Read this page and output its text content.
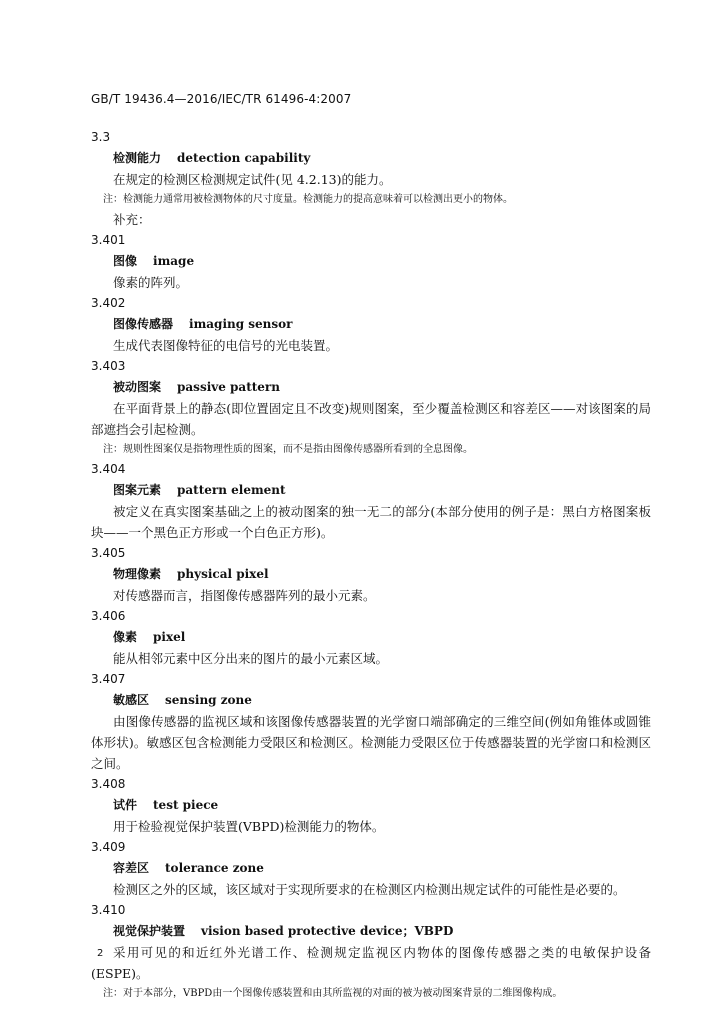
GB/T 19436.4—2016/IEC/TR 61496-4:2007
3.3
检测能力 detection capability
在规定的检测区检测规定试件(见 4.2.13)的能力。
注：检测能力通常用被检测物体的尺寸度量。检测能力的提高意味着可以检测出更小的物体。
补充：
3.401
图像 image
像素的阵列。
3.402
图像传感器 imaging sensor
生成代表图像特征的电信号的光电装置。
3.403
被动图案 passive pattern
在平面背景上的静态(即位置固定且不改变)规则图案，至少覆盖检测区和容差区——对该图案的局部遮挡会引起检测。
注：规则性图案仅是指物理性质的图案，而不是指由图像传感器所看到的全息图像。
3.404
图案元素 pattern element
被定义在真实图案基础之上的被动图案的独一无二的部分(本部分使用的例子是：黑白方格图案板块——一个黑色正方形或一个白色正方形)。
3.405
物理像素 physical pixel
对传感器而言，指图像传感器阵列的最小元素。
3.406
像素 pixel
能从相邻元素中区分出来的图片的最小元素区域。
3.407
敏感区 sensing zone
由图像传感器的监视区域和该图像传感器装置的光学窗口端部确定的三维空间(例如角锥体或圆锥体形状)。敏感区包含检测能力受限区和检测区。检测能力受限区位于传感器装置的光学窗口和检测区之间。
3.408
试件 test piece
用于检验视觉保护装置(VBPD)检测能力的物体。
3.409
容差区 tolerance zone
检测区之外的区域，该区域对于实现所要求的在检测区内检测出规定试件的可能性是必要的。
3.410
视觉保护装置 vision based protective device；VBPD
采用可见的和近红外光谱工作、检测规定监视区内物体的图像传感器之类的电敏保护设备(ESPE)。
注：对于本部分，VBPD由一个图像传感装置和由其所监视的对面的被为被动图案背景的二维图像构成。
2
